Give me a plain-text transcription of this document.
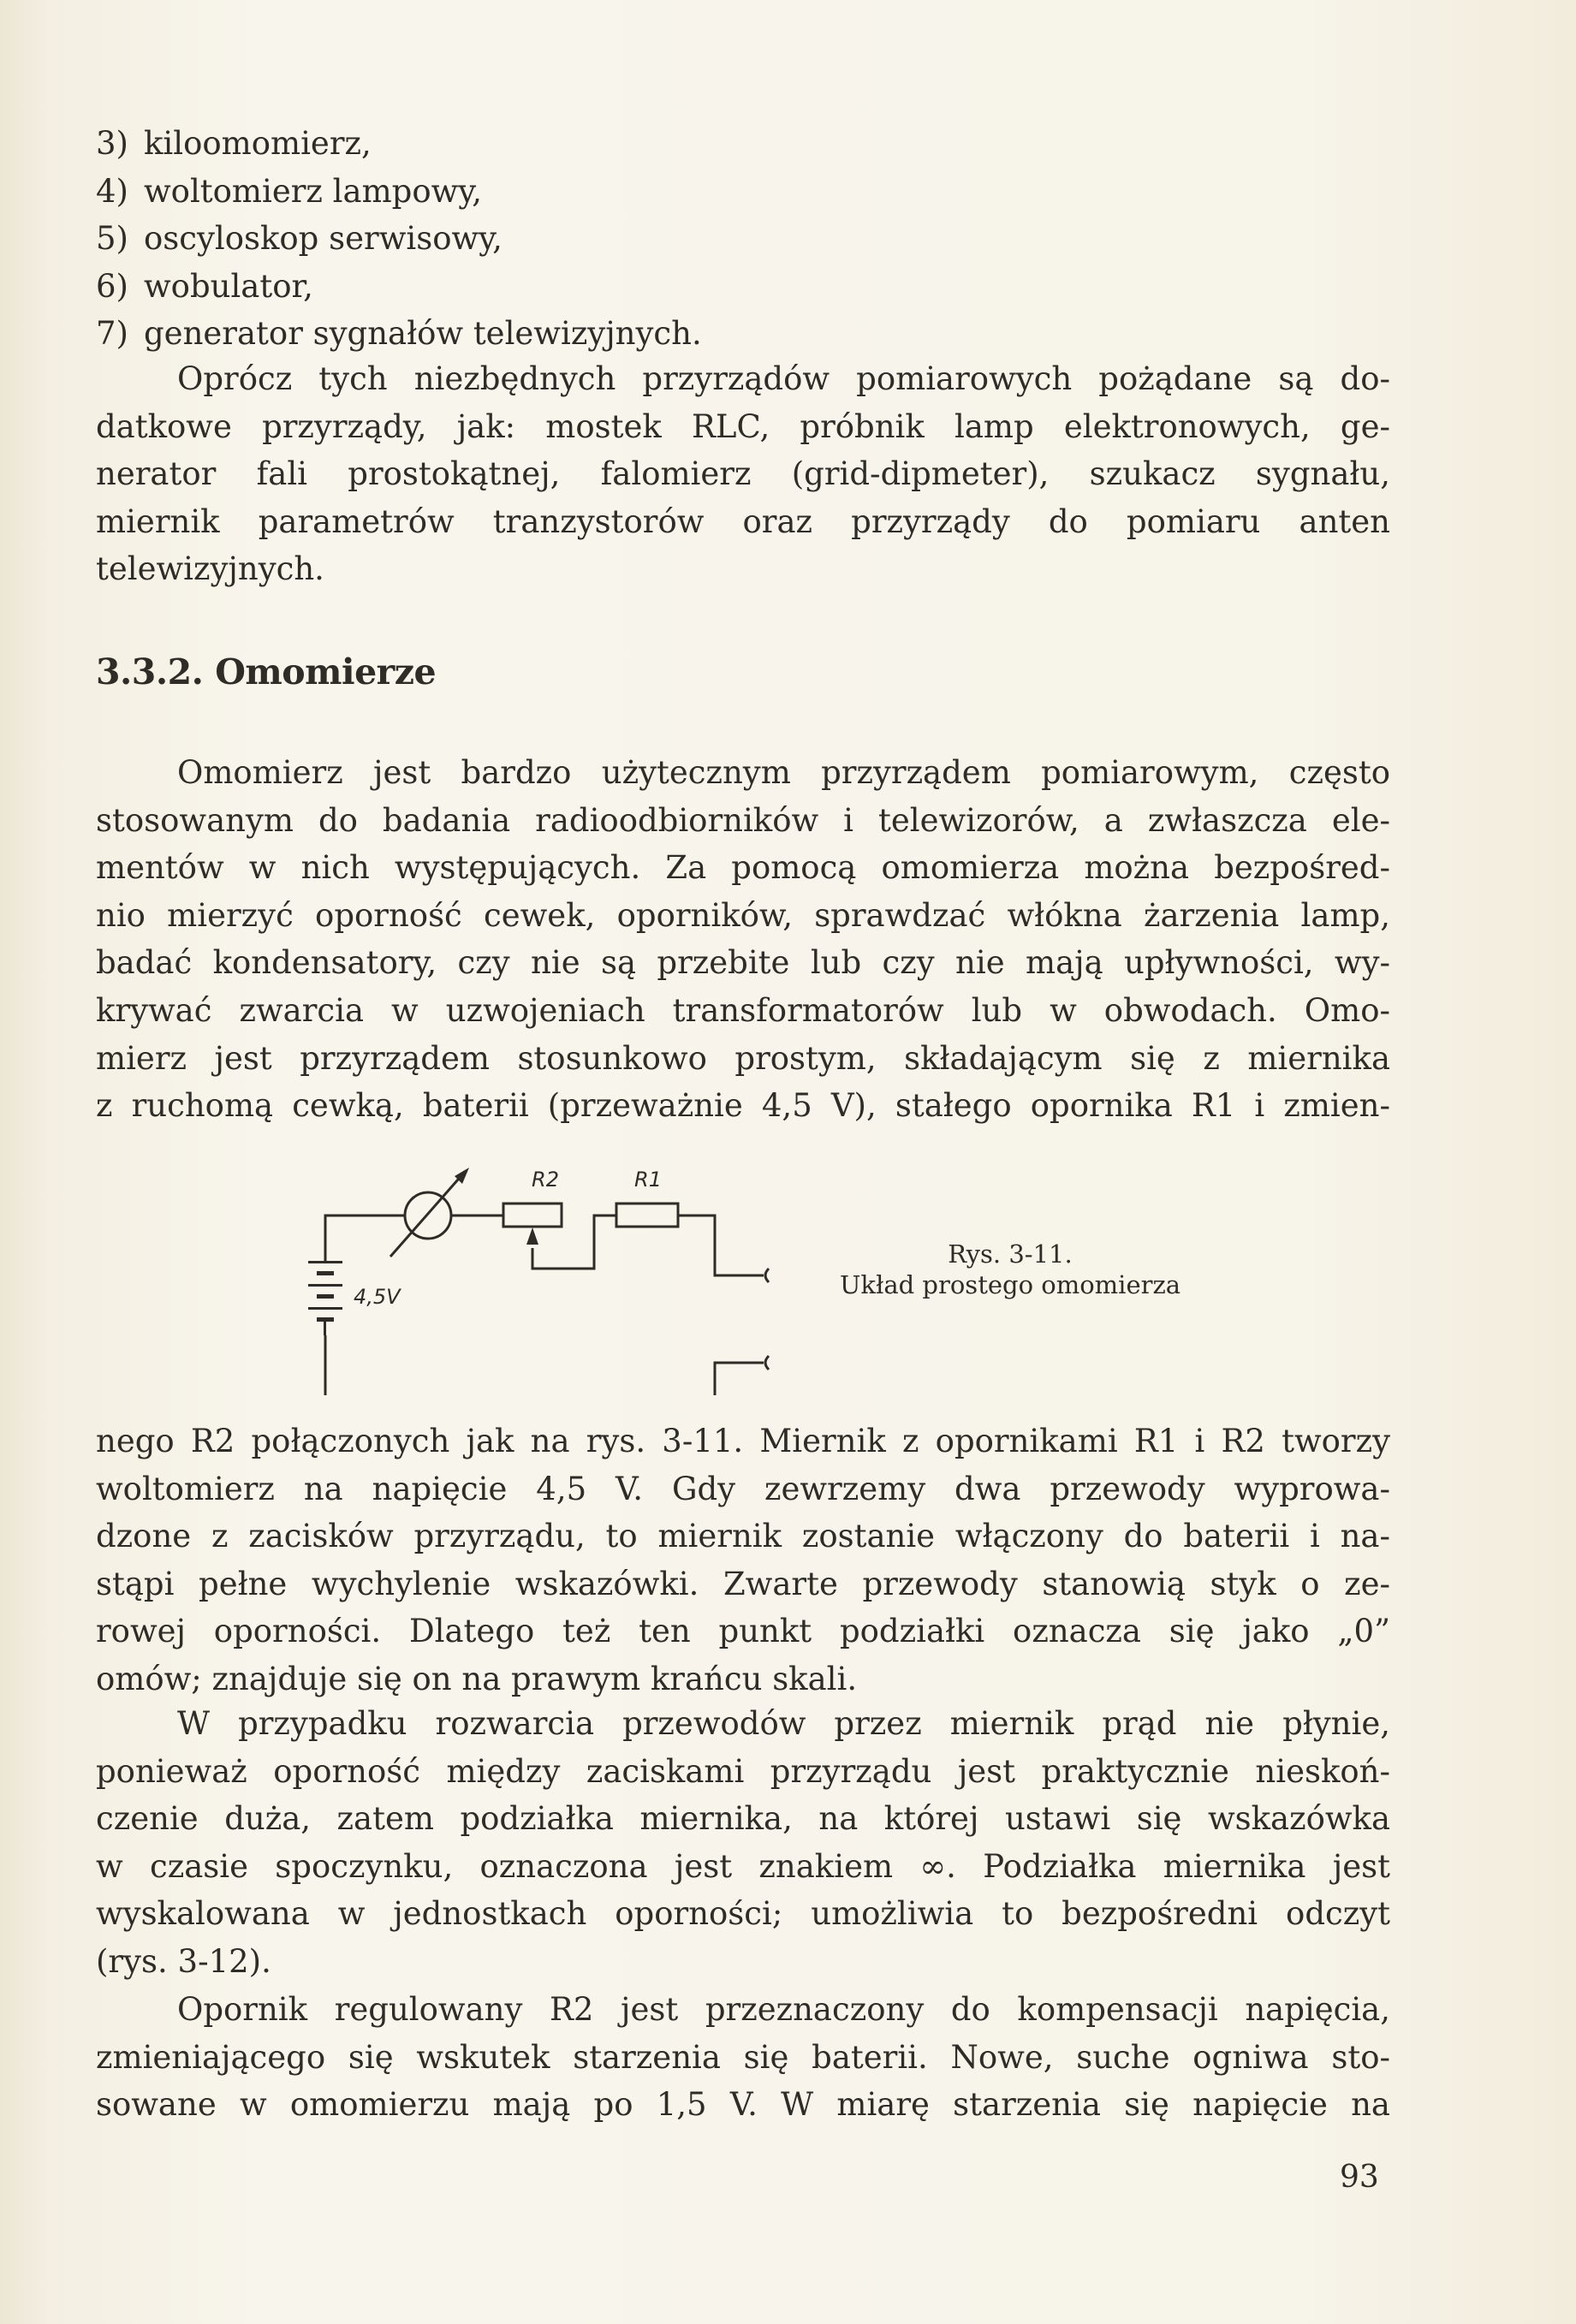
3) kiloomomierz,
4) woltomierz lampowy,
5) oscyloskop serwisowy,
6) wobulator,
7) generator sygnałów telewizyjnych.
Oprócz tych niezbędnych przyrządów pomiarowych pożądane są do-
datkowe przyrządy, jak: mostek RLC, próbnik lamp elektronowych, ge-
nerator fali prostokątnej, falomierz (grid-dipmeter), szukacz sygnału,
miernik parametrów tranzystorów oraz przyrządy do pomiaru anten
telewizyjnych.
3.3.2. Omomierze
Omomierz jest bardzo użytecznym przyrządem pomiarowym, często
stosowanym do badania radioodbiorników i telewizorów, a zwłaszcza ele-
mentów w nich występujących. Za pomocą omomierza można bezpośred-
nio mierzyć oporność cewek, oporników, sprawdzać włókna żarzenia lamp,
badać kondensatory, czy nie są przebite lub czy nie mają upływności, wy-
krywać zwarcia w uzwojeniach transformatorów lub w obwodach. Omo-
mierz jest przyrządem stosunkowo prostym, składającym się z miernika
z ruchomą cewką, baterii (przeważnie 4,5 V), stałego opornika R1 i zmien-
R2	R1
4,5V
Rys. 3-11.
Układ prostego omomierza
nego R2 połączonych jak na rys. 3-11. Miernik z opornikami R1 i R2 tworzy
woltomierz na napięcie 4,5 V. Gdy zewrzemy dwa przewody wyprowa-
dzone z zacisków przyrządu, to miernik zostanie włączony do baterii i na-
stąpi pełne wychylenie wskazówki. Zwarte przewody stanowią styk o ze-
rowej oporności. Dlatego też ten punkt podziałki oznacza się jako „0”
omów; znajduje się on na prawym krańcu skali.
W przypadku rozwarcia przewodów przez miernik prąd nie płynie,
ponieważ oporność między zaciskami przyrządu jest praktycznie nieskoń-
czenie duża, zatem podziałka miernika, na której ustawi się wskazówka
w czasie spoczynku, oznaczona jest znakiem ∞. Podziałka miernika jest
wyskalowana w jednostkach oporności; umożliwia to bezpośredni odczyt
(rys. 3-12).
Opornik regulowany R2 jest przeznaczony do kompensacji napięcia,
zmieniającego się wskutek starzenia się baterii. Nowe, suche ogniwa sto-
sowane w omomierzu mają po 1,5 V. W miarę starzenia się napięcie na
93
